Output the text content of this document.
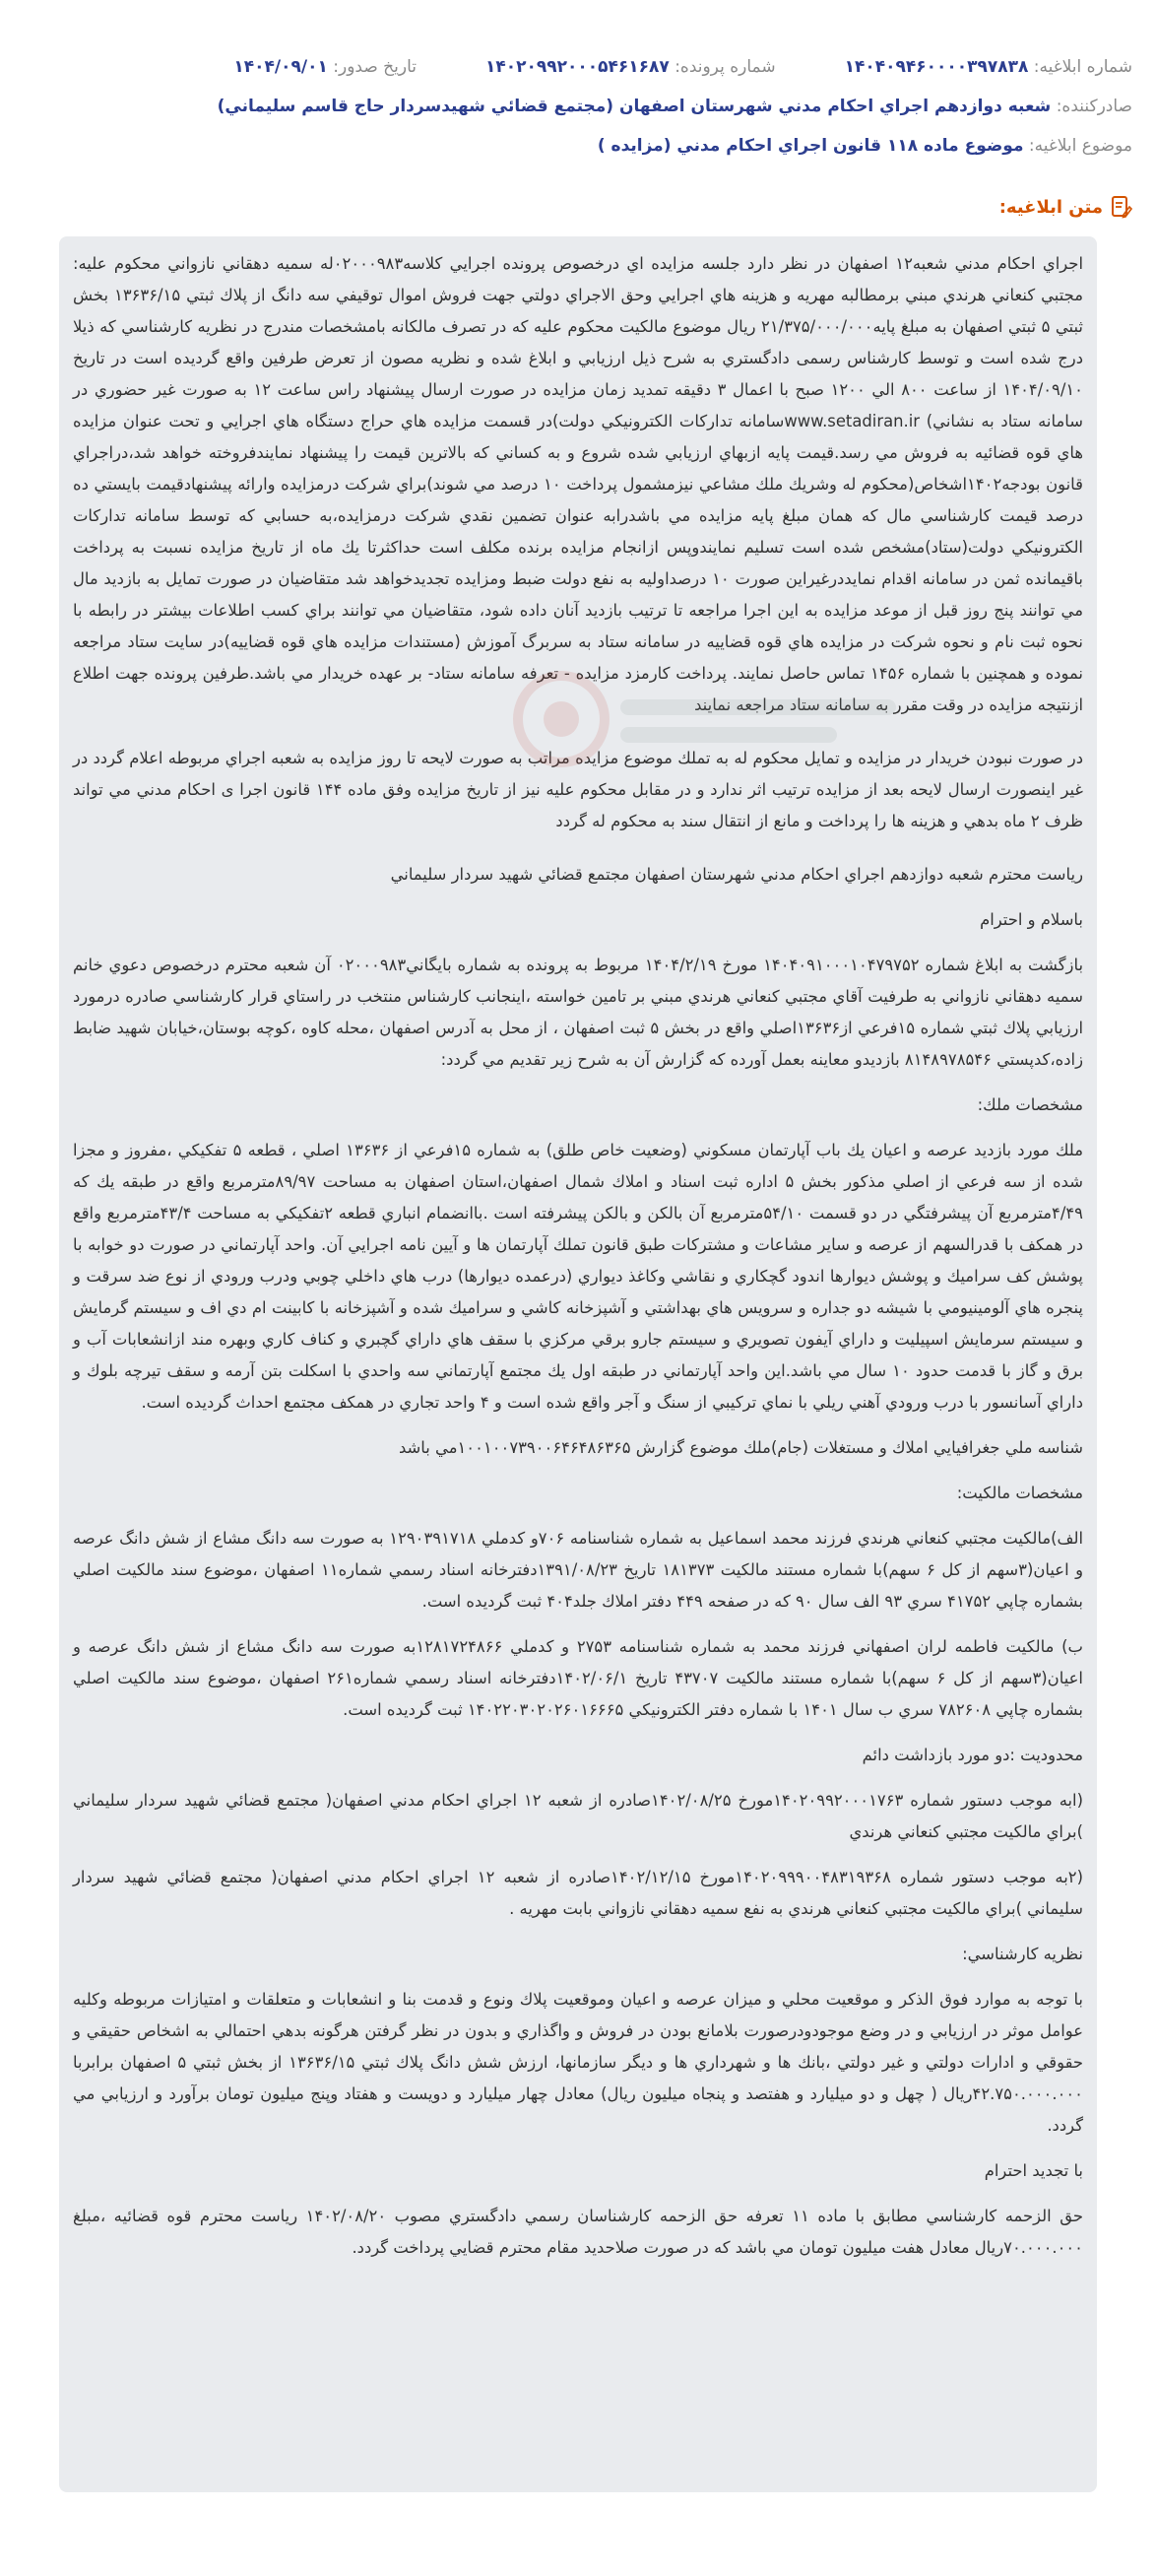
شماره ابلاغيه: ۱۴۰۴۰۹۴۶۰۰۰۰۳۹۷۸۳۸
شماره پرونده: ۱۴۰۲۰۹۹۲۰۰۰۵۴۶۱۶۸۷
تاريخ صدور: ۱۴۰۴/۰۹/۰۱
صادرکننده:

شعبه دوازدهم اجراي احکام مدني شهرستان اصفهان (مجتمع قضائي شهيدسردار حاج قاسم سليماني)
موضوع ابلاغيه:

موضوع ماده ۱۱۸ قانون اجراي احكام مدني (مزايده )
متن ابلاغيه:

اجراي احكام مدني شعبه۱۲ اصفهان در نظر دارد جلسه مزايده اي درخصوص پرونده اجرايي كلاسه۰۲۰۰۰۹۸۳له سميه دهقاني نازواني محكوم عليه: مجتبي كنعاني هرندي مبني برمطالبه مهريه و هزينه هاي اجرايي وحق الاجراي دولتي جهت فروش اموال توقيفي سه دانگ از پلاك ثبتي ۱۳۶۳۶/۱۵ بخش ثبتي ۵ ثبتي اصفهان به مبلغ پايه۲۱/۳۷۵/۰۰۰/۰۰۰ ريال موضوع مالكيت محكوم عليه كه در تصرف مالكانه بامشخصات مندرج در نظريه كارشناسي كه ذيلا درج شده است و توسط كارشناس رسمی دادگستري به شرح ذيل ارزيابي و ابلاغ شده و نظريه مصون از تعرض طرفين واقع گرديده است در تاريخ ۱۴۰۴/۰۹/۱۰ از ساعت ۸۰۰ الي ۱۲۰۰ صبح با اعمال ۳ دقيقه تمديد زمان مزايده در صورت ارسال پيشنهاد راس ساعت ۱۲ به صورت غير حضوري در سامانه ستاد به نشاني) www.setadiran.irسامانه تداركات الكترونيكي دولت)در قسمت مزايده هاي حراج دستگاه هاي اجرايي و تحت عنوان مزايده هاي قوه قضائيه به فروش مي رسد.قيمت پايه ازبهاي ارزيابي شده شروع و به كساني كه بالاترين قيمت را پيشنهاد نمايندفروخته خواهد شد،دراجراي قانون بودجه۱۴۰۲اشخاص(محكوم له وشريك ملك مشاعي نيزمشمول پرداخت ۱۰ درصد مي شوند)براي شركت درمزايده وارائه پيشنهادقيمت بايستي ده درصد قيمت كارشناسي مال كه همان مبلغ پايه مزايده مي باشدرابه عنوان تضمين نقدي شركت درمزايده،به حسابي كه توسط سامانه تداركات الكترونيكي دولت(ستاد)مشخص شده است تسليم نمايندوپس ازانجام مزايده برنده مكلف است حداكثرتا يك ماه از تاريخ مزايده نسبت به پرداخت باقيمانده ثمن در سامانه اقدام نمايددرغيراين صورت ۱۰ درصداوليه به نفع دولت ضبط ومزايده تجديدخواهد شد متقاضيان در صورت تمايل به بازديد مال مي توانند پنج روز قبل از موعد مزايده به اين اجرا مراجعه تا ترتيب بازديد آنان داده شود، متقاضيان مي توانند براي كسب اطلاعات بيشتر در رابطه با نحوه ثبت نام و نحوه شركت در مزايده هاي قوه قضاييه در سامانه ستاد به سربرگ آموزش (مستندات مزايده هاي قوه قضاييه)در سايت ستاد مراجعه نموده و همچنين با شماره ۱۴۵۶ تماس حاصل نمايند. پرداخت كارمزد مزايده - تعرفه سامانه ستاد- بر عهده خريدار مي باشد.طرفين پرونده جهت اطلاع ازنتيجه مزايده در وقت مقرر به سامانه ستاد مراجعه نمايند

در صورت نبودن خريدار در مزايده و تمايل محكوم له به تملك موضوع مزايده مراتب به صورت لايحه تا روز مزايده به شعبه اجراي مربوطه اعلام گردد در غير اينصورت ارسال لايحه بعد از مزايده ترتيب اثر ندارد و در مقابل محكوم عليه نيز از تاريخ مزايده وفق ماده ۱۴۴ قانون اجرا ی احكام مدني مي تواند ظرف ۲ ماه بدهي و هزينه ها را پرداخت و مانع از انتقال سند به محكوم له گردد

رياست محترم شعبه دوازدهم اجراي احكام مدني شهرستان اصفهان مجتمع قضائي شهيد سردار سليماني

باسلام و احترام

بازگشت به ابلاغ شماره ۱۴۰۴۰۹۱۰۰۰۱۰۴۷۹۷۵۲ مورخ ۱۴۰۴/۲/۱۹ مربوط به پرونده به شماره بايگاني۰۲۰۰۰۹۸۳ آن شعبه محترم درخصوص دعوي خانم سميه دهقاني نازواني به طرفيت آقاي مجتبي كنعاني هرندي مبني بر تامين خواسته ،اينجانب كارشناس منتخب در راستاي قرار كارشناسي صادره درمورد ارزيابي پلاك ثبتي شماره ۱۵فرعي از۱۳۶۳۶اصلي واقع در بخش ۵ ثبت اصفهان ، از محل به آدرس اصفهان ،محله كاوه ،كوچه بوستان،خيابان شهيد ضابط زاده،كدپستي ۸۱۴۸۹۷۸۵۴۶ بازديدو معاينه بعمل آورده كه گزارش آن به شرح زير تقديم مي گردد:

مشخصات ملك:

ملك مورد بازديد عرصه و اعيان يك باب آپارتمان مسكوني (وضعيت خاص طلق) به شماره ۱۵فرعي از ۱۳۶۳۶ اصلي ، قطعه ۵ تفكيكي ،مفروز و مجزا شده از سه فرعي از اصلي مذكور بخش ۵ اداره ثبت اسناد و املاك شمال اصفهان،استان اصفهان به مساحت ۸۹/۹۷مترمربع واقع در طبقه يك كه ۴/۴۹مترمربع آن پيشرفتگي در دو قسمت ۵۴/۱۰مترمربع آن بالكن و بالكن پيشرفته است .باانضمام انباري قطعه ۲تفكيكي به مساحت ۴۳/۴مترمربع واقع در همكف با قدرالسهم از عرصه و ساير مشاعات و مشتركات طبق قانون تملك آپارتمان ها و آيين نامه اجرايي آن. واحد آپارتماني در صورت دو خوابه با پوشش كف سراميك و پوشش ديوارها اندود گچكاري و نقاشي وكاغذ ديواري (درعمده ديوارها) درب هاي داخلي چوبي ودرب ورودي از نوع ضد سرقت و پنجره هاي آلومينيومي با شيشه دو جداره و سرويس هاي بهداشتي و آشپزخانه كاشي و سراميك شده و آشپزخانه با كابينت ام دي اف و سيستم گرمايش و سيستم سرمايش اسپيليت و داراي آيفون تصويري و سيستم جارو برقي مركزي با سقف هاي داراي گچبري و كناف كاري وبهره مند ازانشعابات آب و برق و گاز با قدمت حدود ۱۰ سال مي باشد.اين واحد آپارتماني در طبقه اول يك مجتمع آپارتماني سه واحدي با اسكلت بتن آرمه و سقف تيرچه بلوك و داراي آسانسور با درب ورودي آهني ريلي با نماي تركيبي از سنگ و آجر واقع شده است و ۴ واحد تجاري در همكف مجتمع احداث گرديده است.

شناسه ملي جغرافيايي املاك و مستغلات (جام)ملك موضوع گزارش ۱۰۰۱۰۰۷۳۹۰۰۶۴۶۴۸۶۳۶۵مي باشد

مشخصات مالكيت:

الف)مالكيت مجتبي كنعاني هرندي فرزند محمد اسماعيل به شماره شناسنامه ۷۰۶و كدملي ۱۲۹۰۳۹۱۷۱۸ به صورت سه دانگ مشاع از شش دانگ عرصه و اعيان(۳سهم از كل ۶ سهم)با شماره مستند مالكيت ۱۸۱۳۷۳ تاريخ ۱۳۹۱/۰۸/۲۳دفترخانه اسناد رسمي شماره۱۱ اصفهان ،موضوع سند مالكيت اصلي بشماره چاپي ۴۱۷۵۲ سري ۹۳ الف سال ۹۰ كه در صفحه ۴۴۹ دفتر املاك جلد۴۰۴ ثبت گرديده است.

ب) مالكيت فاطمه لران اصفهاني فرزند محمد به شماره شناسنامه ۲۷۵۳ و كدملي ۱۲۸۱۷۲۴۸۶۶به صورت سه دانگ مشاع از شش دانگ عرصه و اعيان(۳سهم از كل ۶ سهم)با شماره مستند مالكيت ۴۳۷۰۷ تاريخ ۱۴۰۲/۰۶/۱دفترخانه اسناد رسمي شماره۲۶۱ اصفهان ،موضوع سند مالكيت اصلي بشماره چاپي ۷۸۲۶۰۸ سري ب سال ۱۴۰۱ با شماره دفتر الكترونيكي ۱۴۰۲۲۰۳۰۲۰۲۶۰۱۶۶۶۵ ثبت گرديده است.

محدوديت :دو مورد بازداشت دائم

(ابه موجب دستور شماره ۱۴۰۲۰۹۹۲۰۰۰۱۷۶۳مورخ ۱۴۰۲/۰۸/۲۵صادره از شعبه ۱۲ اجراي احكام مدني اصفهان( مجتمع قضائي شهيد سردار سليماني )براي مالكيت مجتبي كنعاني هرندي

(۲به موجب دستور شماره ۱۴۰۲۰۹۹۹۰۰۴۸۳۱۹۳۶۸مورخ ۱۴۰۲/۱۲/۱۵صادره از شعبه ۱۲ اجراي احكام مدني اصفهان( مجتمع قضائي شهيد سردار سليماني )براي مالكيت مجتبي كنعاني هرندي به نفع سميه دهقاني نازواني بابت مهريه .

نظريه كارشناسي:

با توجه به موارد فوق الذكر و موقعيت محلي و ميزان عرصه و اعيان وموقعيت پلاك ونوع و قدمت بنا و انشعابات و متعلقات و امتيازات مربوطه وكليه عوامل موثر در ارزيابي و در وضع موجودودرصورت بلامانع بودن در فروش و واگذاري و بدون در نظر گرفتن هرگونه بدهي احتمالي به اشخاص حقيقي و حقوقي و ادارات دولتي و غير دولتي ،بانك ها و شهرداري ها و ديگر سازمانها، ارزش شش دانگ پلاك ثبتي ۱۳۶۳۶/۱۵ از بخش ثبتي ۵ اصفهان برابربا ۴۲.۷۵۰.۰۰۰.۰۰۰ريال ( چهل و دو ميليارد و هفتصد و پنجاه ميليون ريال) معادل چهار ميليارد و دويست و هفتاد وپنج ميليون تومان برآورد و ارزيابي مي گردد.

با تجديد احترام

حق الزحمه كارشناسي مطابق با ماده ۱۱ تعرفه حق الزحمه كارشناسان رسمي دادگستري مصوب ۱۴۰۲/۰۸/۲۰ رياست محترم قوه قضائيه ،مبلغ ۷۰.۰۰۰.۰۰۰ريال معادل هفت ميليون تومان مي باشد كه در صورت صلاحديد مقام محترم قضايي پرداخت گردد.
